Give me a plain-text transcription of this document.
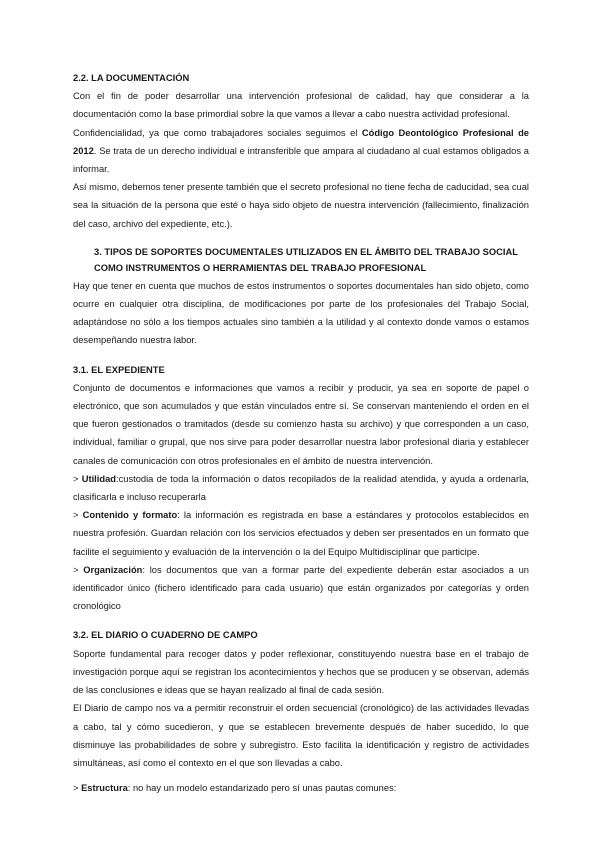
2.2. LA DOCUMENTACIÓN

Con el fin de poder desarrollar una intervención profesional de calidad, hay que considerar a la documentación como la base primordial sobre la que vamos a llevar a cabo nuestra actividad profesional.

Confidencialidad, ya que como trabajadores sociales seguimos el Código Deontológico Profesional de 2012. Se trata de un derecho individual e intransferible que ampara al ciudadano al cual estamos obligados a informar.

Así mismo, debemos tener presente también que el secreto profesional no tiene fecha de caducidad, sea cual sea la situación de la persona que esté o haya sido objeto de nuestra intervención (fallecimiento, finalización del caso, archivo del expediente, etc.).

3. TIPOS DE SOPORTES DOCUMENTALES UTILIZADOS EN EL ÁMBITO DEL TRABAJO SOCIAL

COMO INSTRUMENTOS O HERRAMIENTAS DEL TRABAJO PROFESIONAL

Hay que tener en cuenta que muchos de estos instrumentos o soportes documentales han sido objeto, como ocurre en cualquier otra disciplina, de modificaciones por parte de los profesionales del Trabajo Social, adaptándose no sólo a los tiempos actuales sino también a la utilidad y al contexto donde vamos o estamos desempeñando nuestra labor.

3.1. EL EXPEDIENTE

Conjunto de documentos e informaciones que vamos a recibir y producir, ya sea en soporte de papel o electrónico, que son acumulados y que están vinculados entre sí. Se conservan manteniendo el orden en el que fueron gestionados o tramitados (desde su comienzo hasta su archivo) y que corresponden a un caso, individual, familiar o grupal, que nos sirve para poder desarrollar nuestra labor profesional diaria y establecer canales de comunicación con otros profesionales en el ámbito de nuestra intervención.

> Utilidad:custodia de toda la información o datos recopilados de la realidad atendida, y ayuda a ordenarla, clasificarla e incluso recuperarla

> Contenido y formato: la información es registrada en base a estándares y protocolos establecidos en nuestra profesión. Guardan relación con los servicios efectuados y deben ser presentados en un formato que facilite el seguimiento y evaluación de la intervención o la del Equipo Multidisciplinar que participe.

> Organización: los documentos que van a formar parte del expediente deberán estar asociados a un identificador único (fichero identificado para cada usuario) que están organizados por categorías y orden cronológico

3.2. EL DIARIO O CUADERNO DE CAMPO

Soporte fundamental para recoger datos y poder reflexionar, constituyendo nuestra base en el trabajo de investigación porque aquí se registran los acontecimientos y hechos que se producen y se observan, además de las conclusiones e ideas que se hayan realizado al final de cada sesión.

El Diario de campo nos va a permitir reconstruir el orden secuencial (cronológico) de las actividades llevadas a cabo, tal y cómo sucedieron, y que se establecen brevemente después de haber sucedido, lo que disminuye las probabilidades de sobre y subregistro. Esto facilita la identificación y registro de actividades simultáneas, así como el contexto en el que son llevadas a cabo.

> Estructura: no hay un modelo estandarizado pero sí unas pautas comunes:
